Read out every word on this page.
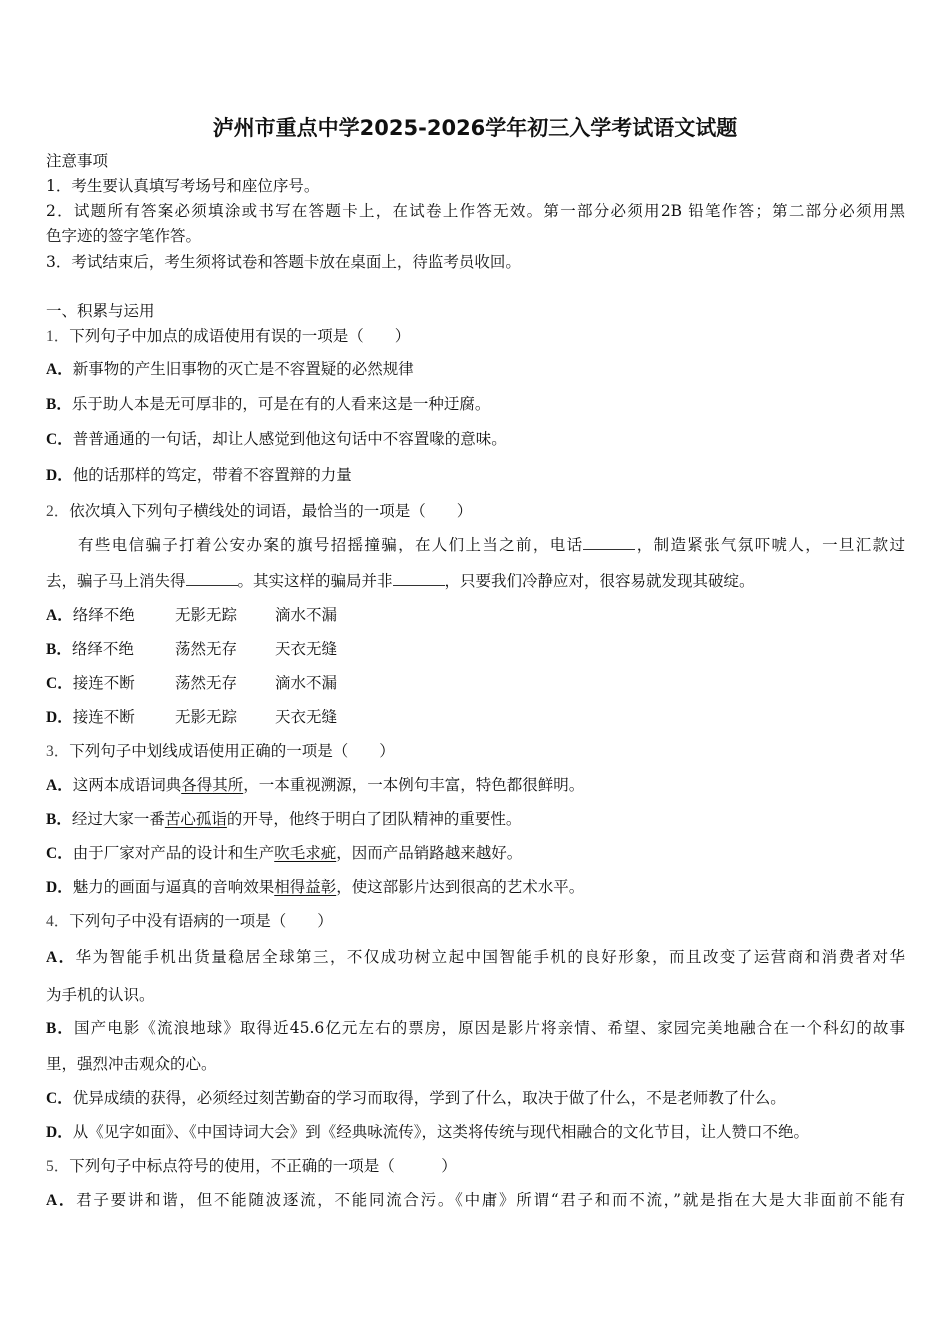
泸州市重点中学2025-2026学年初三入学考试语文试题
注意事项
1．考生要认真填写考场号和座位序号。
2．试题所有答案必须填涂或书写在答题卡上，在试卷上作答无效。第一部分必须用2B 铅笔作答；第二部分必须用黑
色字迹的签字笔作答。
3．考试结束后，考生须将试卷和答题卡放在桌面上，待监考员收回。
一、积累与运用
1．下列句子中加点的成语使用有误的一项是（　　）
A．新事物的产生旧事物的灭亡是不容置疑的必然规律
B．乐于助人本是无可厚非的，可是在有的人看来这是一种迂腐。
C．普普通通的一句话，却让人感觉到他这句话中不容置喙的意味。
D．他的话那样的笃定，带着不容置辩的力量
2．依次填入下列句子横线处的词语，最恰当的一项是（　　）
有些电信骗子打着公安办案的旗号招摇撞骗，在人们上当之前，电话	，制造紧张气氛吓唬人，一旦汇款过
去，骗子马上消失得	。其实这样的骗局并非	，只要我们冷静应对，很容易就发现其破绽。
A．络绎不绝	无影无踪 滴水不漏
B．络绎不绝	荡然无存 天衣无缝
C．接连不断	荡然无存 滴水不漏
D．接连不断	无影无踪 天衣无缝
3．下列句子中划线成语使用正确的一项是（　　）
A．这两本成语词典各得其所，一本重视溯源，一本例句丰富，特色都很鲜明。
B．经过大家一番苦心孤诣的开导，他终于明白了团队精神的重要性。
C．由于厂家对产品的设计和生产吹毛求疵，因而产品销路越来越好。
D．魅力的画面与逼真的音响效果相得益彰，使这部影片达到很高的艺术水平。
4．下列句子中没有语病的一项是（　　）
A．华为智能手机出货量稳居全球第三，不仅成功树立起中国智能手机的良好形象，而且改变了运营商和消费者对华
为手机的认识。
B．国产电影《流浪地球》取得近45.6亿元左右的票房，原因是影片将亲情、希望、家园完美地融合在一个科幻的故事
里，强烈冲击观众的心。
C．优异成绩的获得，必须经过刻苦勤奋的学习而取得，学到了什么，取决于做了什么，不是老师教了什么。
D．从《见字如面》、《中国诗词大会》到《经典咏流传》，这类将传统与现代相融合的文化节目，让人赞口不绝。
5．下列句子中标点符号的使用，不正确的一项是（　　　）
A．君子要讲和谐，但不能随波逐流，不能同流合污。《中庸》所谓“君子和而不流，”就是指在大是大非面前不能有
